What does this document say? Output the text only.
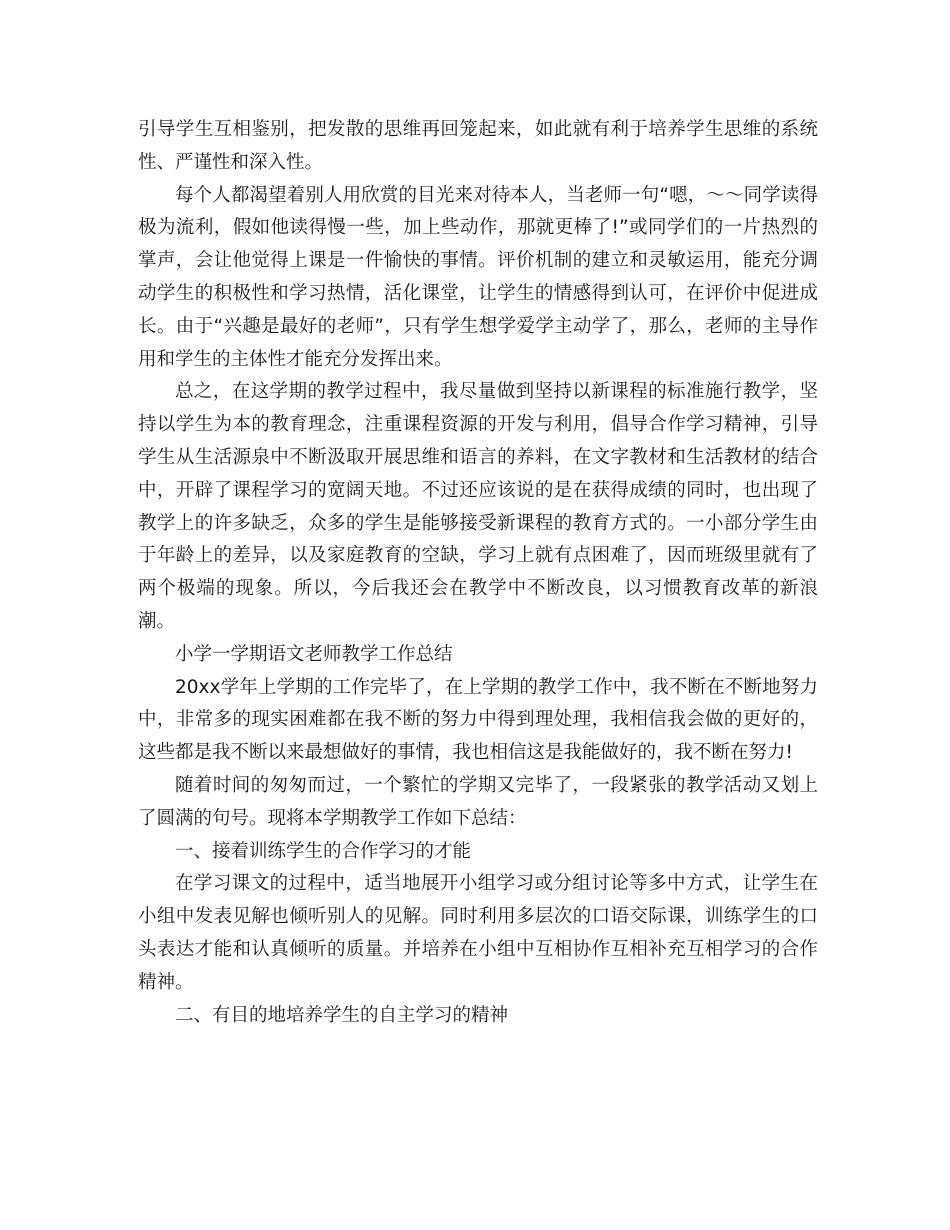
引导学生互相鉴别，把发散的思维再回笼起来，如此就有利于培养学生思维的系统性、严谨性和深入性。

每个人都渴望着别人用欣赏的目光来对待本人，当老师一句“嗯，～～同学读得极为流利，假如他读得慢一些，加上些动作，那就更棒了!”或同学们的一片热烈的掌声，会让他觉得上课是一件愉快的事情。评价机制的建立和灵敏运用，能充分调动学生的积极性和学习热情，活化课堂，让学生的情感得到认可，在评价中促进成长。由于“兴趣是最好的老师”，只有学生想学爱学主动学了，那么，老师的主导作用和学生的主体性才能充分发挥出来。

总之，在这学期的教学过程中，我尽量做到坚持以新课程的标准施行教学，坚持以学生为本的教育理念，注重课程资源的开发与利用，倡导合作学习精神，引导学生从生活源泉中不断汲取开展思维和语言的养料，在文字教材和生活教材的结合中，开辟了课程学习的宽阔天地。不过还应该说的是在获得成绩的同时，也出现了教学上的许多缺乏，众多的学生是能够接受新课程的教育方式的。一小部分学生由于年龄上的差异，以及家庭教育的空缺，学习上就有点困难了，因而班级里就有了两个极端的现象。所以，今后我还会在教学中不断改良，以习惯教育改革的新浪潮。

小学一学期语文老师教学工作总结

20xx学年上学期的工作完毕了，在上学期的教学工作中，我不断在不断地努力中，非常多的现实困难都在我不断的努力中得到理处理，我相信我会做的更好的，这些都是我不断以来最想做好的事情，我也相信这是我能做好的，我不断在努力!

随着时间的匆匆而过，一个繁忙的学期又完毕了，一段紧张的教学活动又划上了圆满的句号。现将本学期教学工作如下总结：

一、接着训练学生的合作学习的才能

在学习课文的过程中，适当地展开小组学习或分组讨论等多中方式，让学生在小组中发表见解也倾听别人的见解。同时利用多层次的口语交际课，训练学生的口头表达才能和认真倾听的质量。并培养在小组中互相协作互相补充互相学习的合作精神。

二、有目的地培养学生的自主学习的精神
